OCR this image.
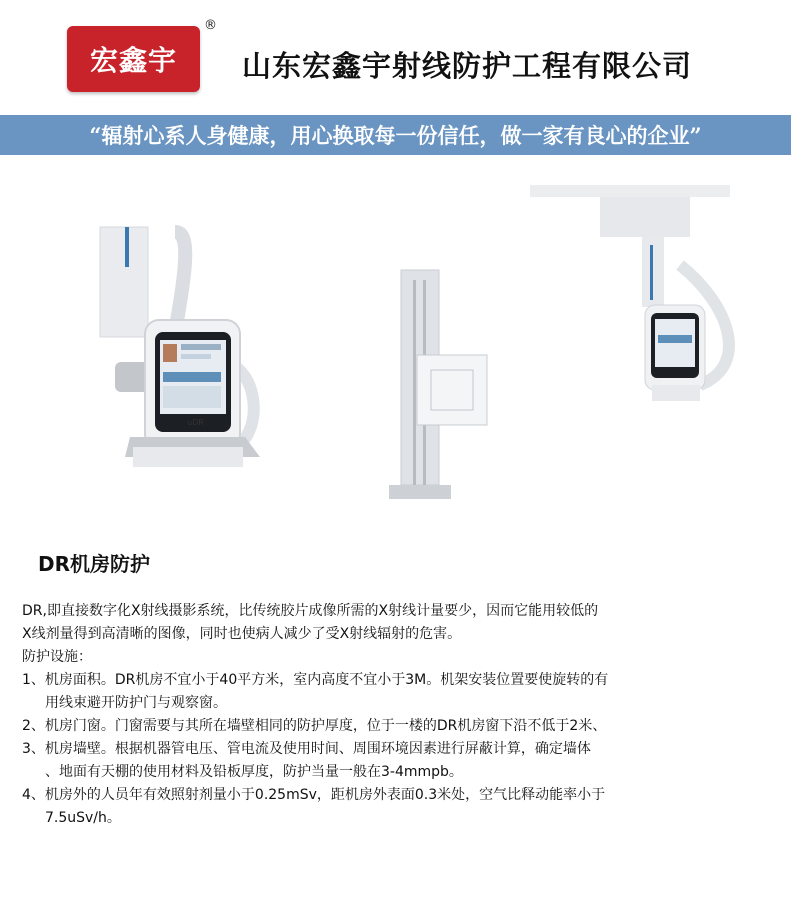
宏鑫宇
®
山东宏鑫宇射线防护工程有限公司
“辐射心系人身健康，用心换取每一份信任，做一家有良心的企业”
uDR
DR机房防护

DR,即直接数字化X射线摄影系统，比传统胶片成像所需的X射线计量要少，因而它能用较低的

X线剂量得到高清晰的图像，同时也使病人减少了受X射线辐射的危害。

防护设施：

1、机房面积。DR机房不宜小于40平方米，室内高度不宜小于3M。机架安装位置要使旋转的有

用线束避开防护门与观察窗。

2、机房门窗。门窗需要与其所在墙壁相同的防护厚度，位于一楼的DR机房窗下沿不低于2米、

3、机房墙壁。根据机器管电压、管电流及使用时间、周围环境因素进行屏蔽计算，确定墙体

、地面有天棚的使用材料及铅板厚度，防护当量一般在3-4mmpb。

4、机房外的人员年有效照射剂量小于0.25mSv，距机房外表面0.3米处，空气比释动能率小于

7.5uSv/h。
